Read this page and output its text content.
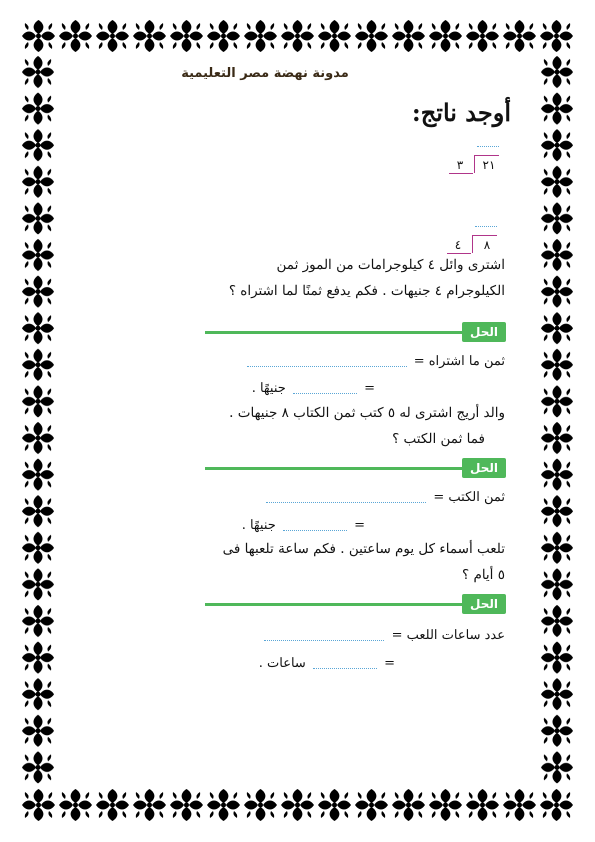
مدونة نهضة مصر التعليمية
أوجد ناتج:
٢١
٣
٨
٤
اشترى وائل ٤ كيلوجرامات من الموز ثمن
الكيلوجرام ٤ جنيهات . فكم يدفع ثمنًا لما اشتراه ؟
الحل
ثمن ما اشتراه =
=  جنيهًا .
والد أريج اشترى له ٥ كتب ثمن الكتاب ٨ جنيهات .
فما ثمن الكتب ؟
الحل
ثمن الكتب =
=  جنيهًا .
تلعب أسماء كل يوم ساعتين . فكم ساعة تلعبها فى
٥ أيام ؟
الحل
عدد ساعات اللعب =
=  ساعات .
